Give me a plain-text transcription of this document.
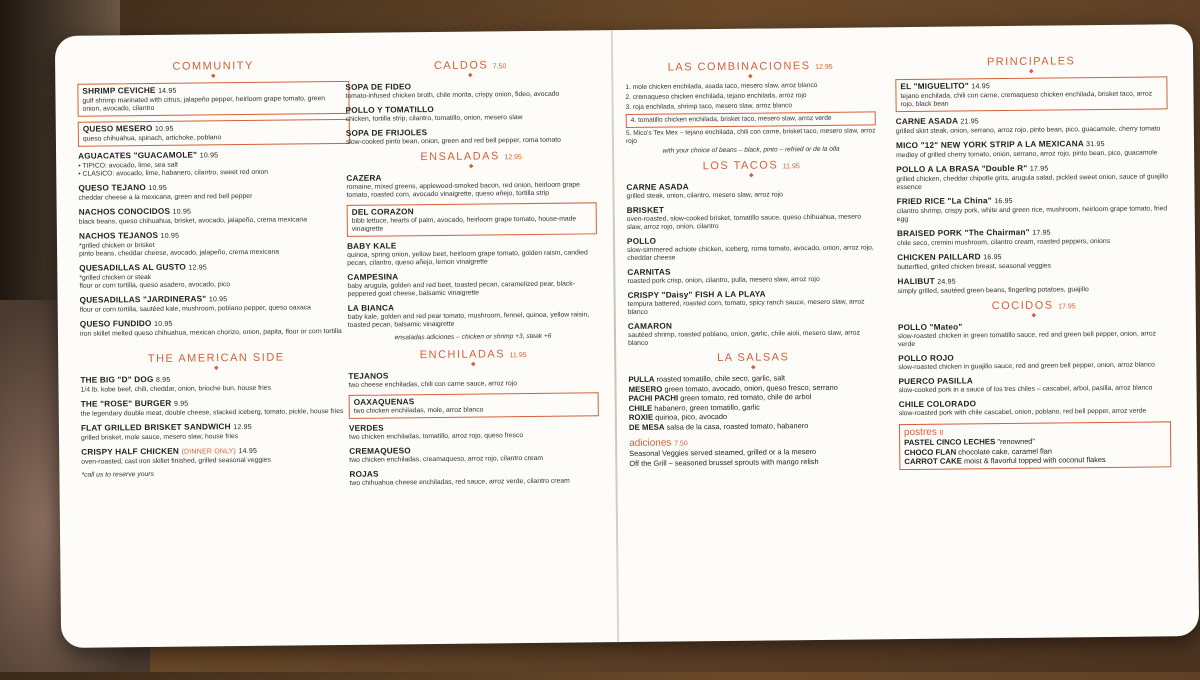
COMMUNITY

◆
SHRIMP CEVICHE 14.95
gulf shrimp marinated with citrus, jalapeño pepper, heirloom grape tomato, green onion, avocado, cilantro
QUESO MESERO 10.95
queso chihuahua, spinach, artichoke, poblano
AGUACATES "GUACAMOLE" 10.95
• TIPICO: avocado, lime, sea salt
• CLASICO: avocado, lime, habanero, cilantro, sweet red onion
QUESO TEJANO 10.95
cheddar cheese a la mexicana, green and red bell pepper
NACHOS CONOCIDOS 10.95
black beans, queso chihuahua, brisket, avocado, jalapeño, crema mexicana
NACHOS TEJANOS 10.95
*grilled chicken or brisket
pinto beans, cheddar cheese, avocado, jalapeño, crema mexicana
QUESADILLAS AL GUSTO 12.95
*grilled chicken or steak
flour or corn tortilla, queso asadero, avocado, pico
QUESADILLAS "JARDINERAS" 10.95
flour or corn tortilla, sautéed kale, mushroom, poblano pepper, queso oaxaca
QUESO FUNDIDO 10.95
iron skillet melted queso chihuahua, mexican chorizo, onion, papita, flour or corn tortilla

THE AMERICAN SIDE

◆
THE BIG "D" DOG 8.95
1/4 lb. kobe beef, chili, cheddar, onion, brioche bun, house fries
THE "ROSE" BURGER 9.95
the legendary double meat, double cheese, stacked iceberg, tomato, pickle, house fries
FLAT GRILLED BRISKET SANDWICH 12.95
grilled brisket, mole sauce, mesero slaw, house fries
CRISPY HALF CHICKEN (DINNER ONLY) 14.95
oven-roasted, cast iron skillet finished, grilled seasonal veggies
*call us to reserve yours

CALDOS 7.50

◆
SOPA DE FIDEO
tomato-infused chicken broth, chile morita, crispy onion, fideo, avocado
POLLO Y TOMATILLO
chicken, tortilla strip, cilantro, tomatillo, onion, mesero slaw
SOPA DE FRIJOLES
slow-cooked pinto bean, onion, green and red bell pepper, roma tomato

ENSALADAS 12.95

◆
CAZERA
romaine, mixed greens, applewood-smoked bacon, red onion, heirloom grape tomato, roasted corn, avocado vinaigrette, queso añejo, tortilla strip
DEL CORAZON
bibb lettuce, hearts of palm, avocado, heirloom grape tomato, house-made vinaigrette
BABY KALE
quinoa, spring onion, yellow beet, heirloom grape tomato, golden raisin, candied pecan, cilantro, queso añejo, lemon vinaigrette
CAMPESINA
baby arugula, golden and red beet, toasted pecan, caramelized pear, black-peppered goat cheese, balsamic vinaigrette
LA BIANCA
baby kale, golden and red pear tomato, mushroom, fennel, quinoa, yellow raisin, toasted pecan, balsamic vinaigrette
ensaladas adiciones – chicken or shrimp +3, steak +6

ENCHILADAS 11.95

◆
TEJANOS
two cheese enchiladas, chili con carne sauce, arroz rojo
OAXAQUENAS
two chicken enchiladas, mole, arroz blanco
VERDES
two chicken enchiladas, tomatillo, arroz rojo, queso fresco
CREMAQUESO
two chicken enchiladas, creamaqueso, arroz rojo, cilantro cream
ROJAS
two chihuahua cheese enchiladas, red sauce, arroz verde, cilantro cream

LAS COMBINACIONES 12.95

◆
1. mole chicken enchilada, asada taco, mesero slaw, arroz blanco
2. cremaqueso chicken enchilada, tejano enchilada, arroz rojo
3. roja enchilada, shrimp taco, mesero slaw, arroz blanco
4. tomatillo chicken enchilada, brisket taco, mesero slaw, arroz verde
5. Mico's Tex Mex – tejano enchilada, chili con carne, brisket taco, mesero slaw, arroz rojo
with your choice of beans – black, pinto – refried or de la olla

LOS TACOS 11.95

◆
CARNE ASADA
grilled steak, onion, cilantro, mesero slaw, arroz rojo
BRISKET
oven-roasted, slow-cooked brisket, tomatillo sauce, queso chihuahua, mesero slaw, arroz rojo, onion, cilantro
POLLO
slow-simmered achiote chicken, iceberg, roma tomato, avocado, onion, arroz rojo, cheddar cheese
CARNITAS
roasted pork crisp, onion, cilantro, pulla, mesero slaw, arroz rojo
CRISPY "Daisy" FISH A LA PLAYA
tempura battered, roasted corn, tomato, spicy ranch sauce, mesero slaw, arroz blanco
CAMARON
sautéed shrimp, roasted poblano, onion, garlic, chile aioli, mesero slaw, arroz blanco

LA SALSAS

◆
PULLA roasted tomatillo, chile seco, garlic, salt
MESERO green tomato, avocado, onion, queso fresco, serrano
PACHI PACHI green tomato, red tomato, chile de arbol
CHILE habanero, green tomatillo, garlic
ROXIE quinoa, pico, avocado
DE MESA salsa de la casa, roasted tomato, habanero
adiciones 7.50
Seasonal Veggies served steamed, grilled or a la mesero
Off the Grill – seasoned brussel sprouts with mango relish

PRINCIPALES

◆
EL "MIGUELITO" 14.95
tejano enchilada, chili con carne, cremaqueso chicken enchilada, brisket taco, arroz rojo, black bean
CARNE ASADA 21.95
grilled skirt steak, onion, serrano, arroz rojo, pinto bean, pico, guacamole, cherry tomato
MICO "12" NEW YORK STRIP A LA MEXICANA 31.95
medley of grilled cherry tomato, onion, serrano, arroz rojo, pinto bean, pico, guacamole
POLLO A LA BRASA "Double R" 17.95
grilled chicken, cheddar chipotle grits, arugula salad, pickled sweet onion, sauce of guajillo essence
FRIED RICE "La China" 16.95
cilantro shrimp, crispy pork, white and green rice, mushroom, heirloom grape tomato, fried egg
BRAISED PORK "The Chairman" 17.95
chile seco, cremini mushroom, cilantro cream, roasted peppers, onions
CHICKEN PAILLARD 16.95
butterflied, grilled chicken breast, seasonal veggies
HALIBUT 24.95
simply grilled, sautéed green beans, fingerling potatoes, guajillo

COCIDOS 17.95

◆
POLLO "Mateo"
slow-roasted chicken in green tomatillo sauce, red and green bell pepper, onion, arroz verde
POLLO ROJO
slow-roasted chicken in guajillo sauce, red and green bell pepper, onion, arroz blanco
PUERCO PASILLA
slow-cooked pork in a sauce of los tres chiles – cascabel, arbol, pasilla, arroz blanco
CHILE COLORADO
slow-roasted pork with chile cascabel, onion, poblano, red bell pepper, arroz verde
postres 8
PASTEL CINCO LECHES "renowned"
CHOCO FLAN chocolate cake, caramel flan
CARROT CAKE moist & flavorful topped with coconut flakes
